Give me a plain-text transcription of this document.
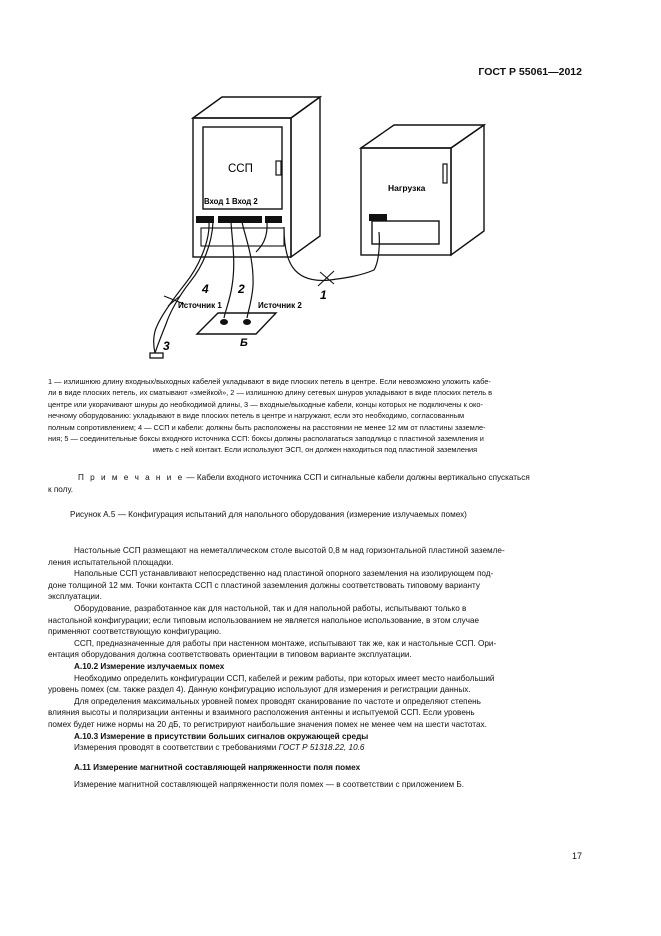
ГОСТ Р 55061—2012
ССП
Вход 1 Вход 2
Нагрузка
Источник 1	Источник 2
4 2	1
3	Б

1 — излишнюю длину входных/выходных кабелей укладывают в виде плоских петель в центре. Если невозможно уложить кабе-

ли в виде плоских петель, их сматывают «змейкой», 2 — излишнюю длину сетевых шнуров укладывают в виде плоских петель в

центре или укорачивают шнуры до необходимой длины, 3 — входные/выходные кабели, концы которых не подключены к око-

нечному оборудованию: укладывают в виде плоских петель в центре и нагружают, если это необходимо, согласованным

полным сопротивлением; 4 — ССП и кабели: должны быть расположены на расстоянии не менее 12 мм от пластины заземле-

ния; 5 — соединительные боксы входного источника ССП: боксы должны располагаться заподлицо с пластиной заземления и

иметь с ней контакт. Если используют ЭСП, он должен находиться под пластиной заземления

П р и м е ч а н и е — Кабели входного источника ССП и сигнальные кабели должны вертикально спускаться
к полу.
Рисунок А.5 — Конфигурация испытаний для напольного оборудования (измерение излучаемых помех)

Настольные ССП размещают на неметаллическом столе высотой 0,8 м над горизонтальной пластиной заземле-

ления испытательной площадки.

Напольные ССП устанавливают непосредственно над пластиной опорного заземления на изолирующем под-

доне толщиной 12 мм. Точки контакта ССП с пластиной заземления должны соответствовать типовому варианту

эксплуатации.

Оборудование, разработанное как для настольной, так и для напольной работы, испытывают только в

настольной конфигурации; если типовым использованием не является напольное использование, в этом случае

применяют соответствующую конфигурацию.

ССП, предназначенные для работы при настенном монтаже, испытывают так же, как и настольные ССП. Ори-

ентация оборудования должна соответствовать ориентации в типовом варианте эксплуатации.

А.10.2 Измерение излучаемых помех

Необходимо определить конфигурации ССП, кабелей и режим работы, при которых имеет место наибольший

уровень помех (см. также раздел 4). Данную конфигурацию используют для измерения и регистрации данных.

Для определения максимальных уровней помех проводят сканирование по частоте и определяют степень

влияния высоты и поляризации антенны и взаимного расположения антенны и испытуемой ССП. Если уровень

помех будет ниже нормы на 20 дБ, то регистрируют наибольшие значения помех не менее чем на шести частотах.

А.10.3 Измерение в присутствии больших сигналов окружающей среды

Измерения проводят в соответствии с требованиями ГОСТ Р 51318.22, 10.6

А.11 Измерение магнитной составляющей напряженности поля помех

Измерение магнитной составляющей напряженности поля помех — в соответствии с приложением Б.

17
